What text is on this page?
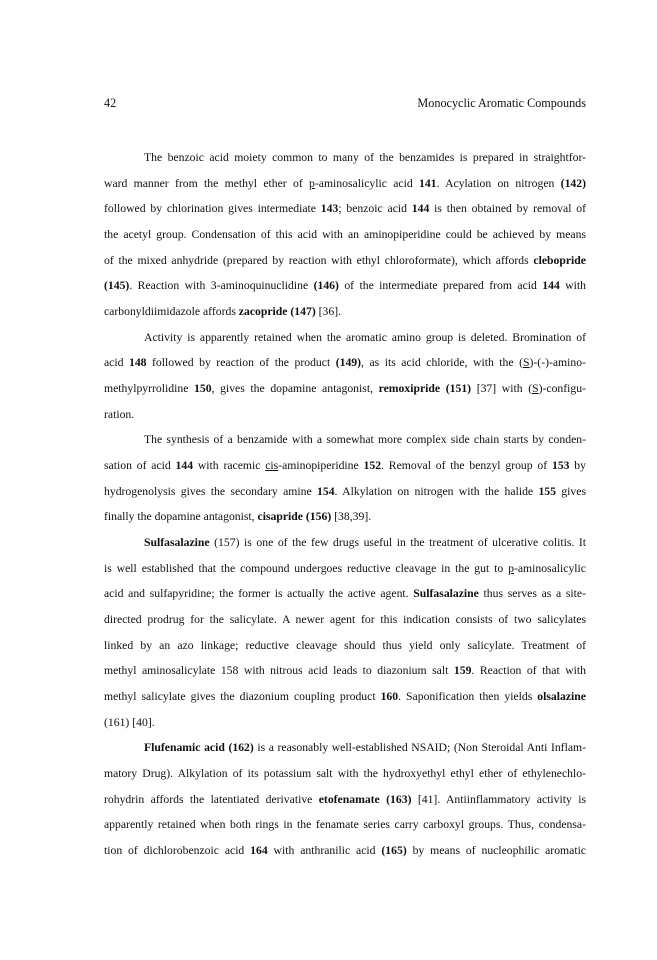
42	Monocyclic Aromatic Compounds
The benzoic acid moiety common to many of the benzamides is prepared in straightfor-
ward manner from the methyl ether of p-aminosalicylic acid 141. Acylation on nitrogen (142)
followed by chlorination gives intermediate 143; benzoic acid 144 is then obtained by removal of
the acetyl group. Condensation of this acid with an aminopiperidine could be achieved by means
of the mixed anhydride (prepared by reaction with ethyl chloroformate), which affords clebopride
(145). Reaction with 3-aminoquinuclidine (146) of the intermediate prepared from acid 144 with
carbonyldiimidazole affords zacopride (147) [36].
Activity is apparently retained when the aromatic amino group is deleted. Bromination of
acid 148 followed by reaction of the product (149), as its acid chloride, with the (S)-(-)-amino-
methylpyrrolidine 150, gives the dopamine antagonist, remoxipride (151) [37] with (S)-configu-
ration.
The synthesis of a benzamide with a somewhat more complex side chain starts by conden-
sation of acid 144 with racemic cis-aminopiperidine 152. Removal of the benzyl group of 153 by
hydrogenolysis gives the secondary amine 154. Alkylation on nitrogen with the halide 155 gives
finally the dopamine antagonist, cisapride (156) [38,39].
Sulfasalazine (157) is one of the few drugs useful in the treatment of ulcerative colitis. It
is well established that the compound undergoes reductive cleavage in the gut to p-aminosalicylic
acid and sulfapyridine; the former is actually the active agent. Sulfasalazine thus serves as a site-
directed prodrug for the salicylate. A newer agent for this indication consists of two salicylates
linked by an azo linkage; reductive cleavage should thus yield only salicylate. Treatment of
methyl aminosalicylate 158 with nitrous acid leads to diazonium salt 159. Reaction of that with
methyl salicylate gives the diazonium coupling product 160. Saponification then yields olsalazine
(161) [40].
Flufenamic acid (162) is a reasonably well-established NSAID; (Non Steroidal Anti Inflam-
matory Drug). Alkylation of its potassium salt with the hydroxyethyl ethyl ether of ethylenechlo-
rohydrin affords the latentiated derivative etofenamate (163) [41]. Antiinflammatory activity is
apparently retained when both rings in the fenamate series carry carboxyl groups. Thus, condensa-
tion of dichlorobenzoic acid 164 with anthranilic acid (165) by means of nucleophilic aromatic
